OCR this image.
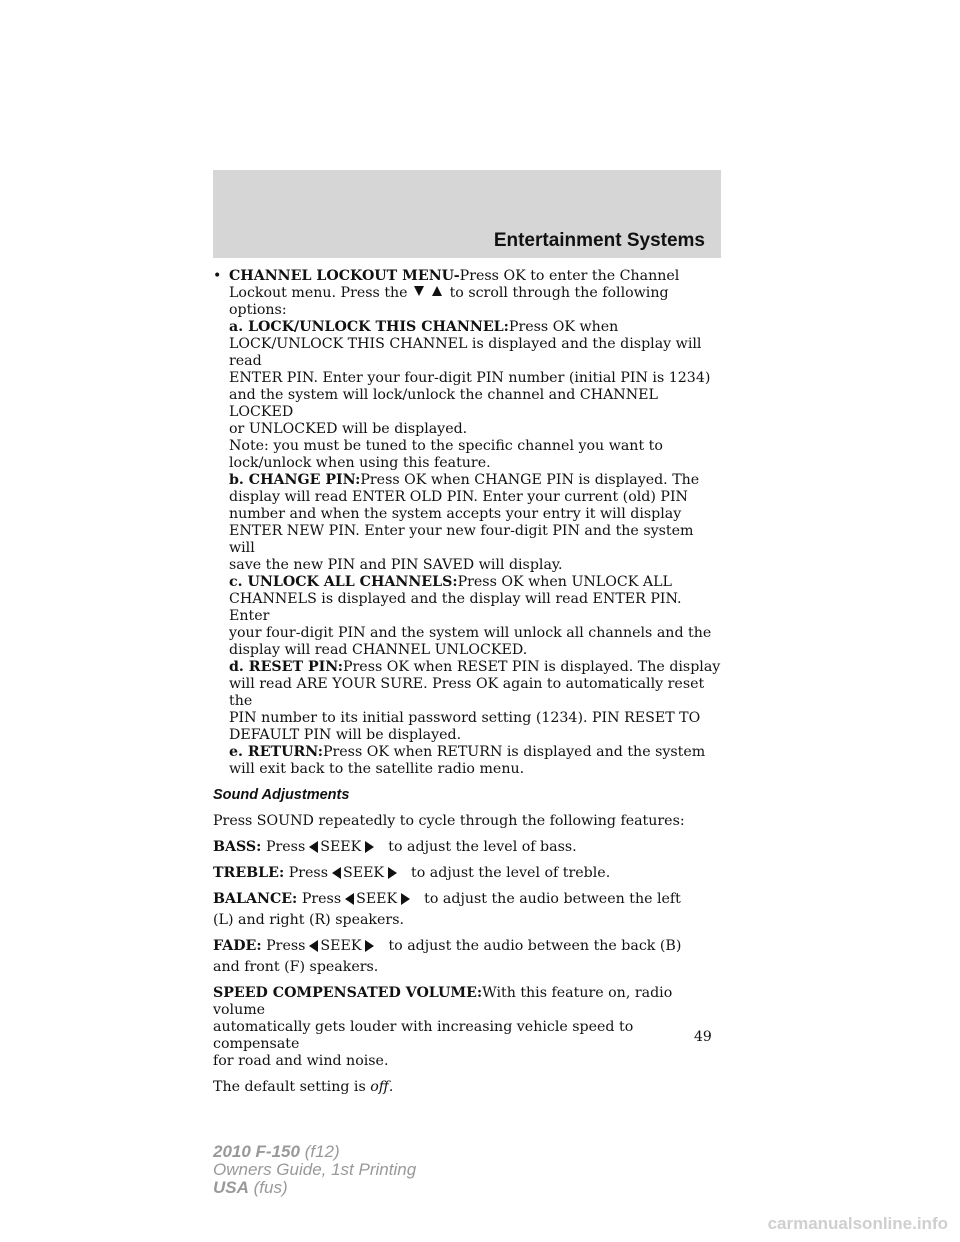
Entertainment Systems
• CHANNEL LOCKOUT MENU-Press OK to enter the Channel

Lockout menu. Press the	to scroll through the following

options:

a. LOCK/UNLOCK THIS CHANNEL:Press OK when

LOCK/UNLOCK THIS CHANNEL is displayed and the display will read

ENTER PIN. Enter your four-digit PIN number (initial PIN is 1234)

and the system will lock/unlock the channel and CHANNEL LOCKED

or UNLOCKED will be displayed.

Note: you must be tuned to the specific channel you want to

lock/unlock when using this feature.

b. CHANGE PIN:Press OK when CHANGE PIN is displayed. The

display will read ENTER OLD PIN. Enter your current (old) PIN

number and when the system accepts your entry it will display

ENTER NEW PIN. Enter your new four-digit PIN and the system will

save the new PIN and PIN SAVED will display.

c. UNLOCK ALL CHANNELS:Press OK when UNLOCK ALL

CHANNELS is displayed and the display will read ENTER PIN. Enter

your four-digit PIN and the system will unlock all channels and the

display will read CHANNEL UNLOCKED.

d. RESET PIN:Press OK when RESET PIN is displayed. The display

will read ARE YOUR SURE. Press OK again to automatically reset the

PIN number to its initial password setting (1234). PIN RESET TO

DEFAULT PIN will be displayed.

e. RETURN:Press OK when RETURN is displayed and the system

will exit back to the satellite radio menu.

Sound Adjustments

Press SOUND repeatedly to cycle through the following features:

BASS: Press SEEK to adjust the level of bass.

TREBLE: Press SEEK to adjust the level of treble.

BALANCE: Press SEEK to adjust the audio between the left

(L) and right (R) speakers.

FADE: Press SEEK to adjust the audio between the back (B)

and front (F) speakers.

SPEED COMPENSATED VOLUME:With this feature on, radio volume

automatically gets louder with increasing vehicle speed to compensate

for road and wind noise.

The default setting is off.

49
2010 F-150 (f12)
Owners Guide, 1st Printing
USA (fus)
carmanualsonline.info
